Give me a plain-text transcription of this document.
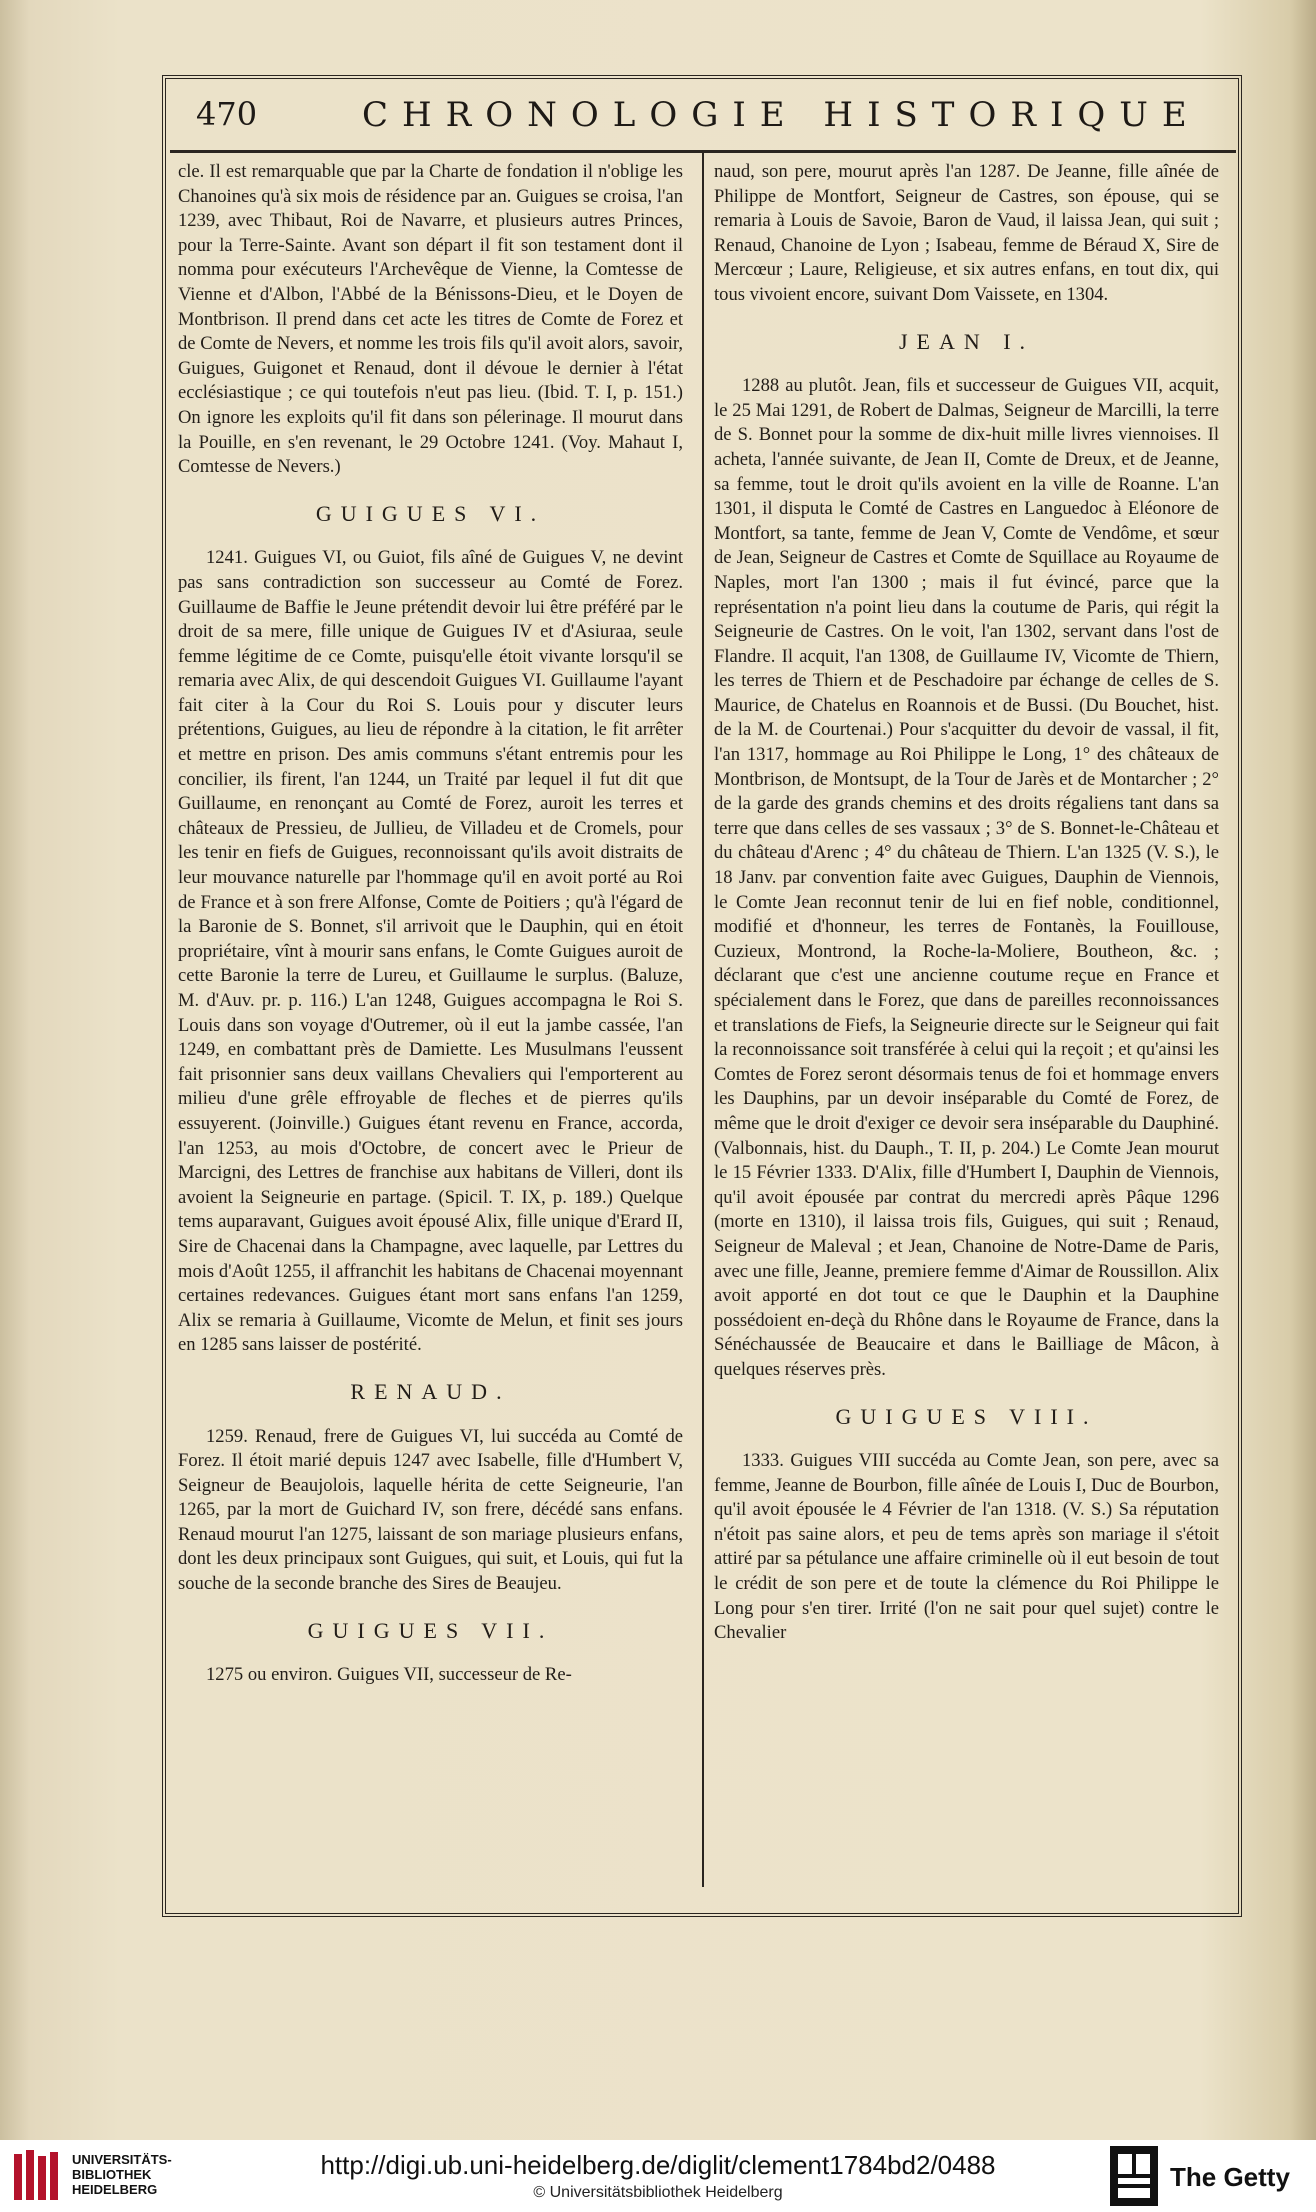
470	CHRONOLOGIE HISTORIQUE

cle. Il est remarquable que par la Charte de fondation il n'oblige les Chanoines qu'à six mois de résidence par an. Guigues se croisa, l'an 1239, avec Thibaut, Roi de Navarre, et plusieurs autres Princes, pour la Terre-Sainte. Avant son départ il fit son testament dont il nomma pour exécuteurs l'Archevêque de Vienne, la Comtesse de Vienne et d'Albon, l'Abbé de la Bénissons-Dieu, et le Doyen de Montbrison. Il prend dans cet acte les titres de Comte de Forez et de Comte de Nevers, et nomme les trois fils qu'il avoit alors, savoir, Guigues, Guigonet et Renaud, dont il dévoue le dernier à l'état ecclésiastique ; ce qui toutefois n'eut pas lieu. (Ibid. T. I, p. 151.) On ignore les exploits qu'il fit dans son pélerinage. Il mourut dans la Pouille, en s'en revenant, le 29 Octobre 1241. (Voy. Mahaut I, Comtesse de Nevers.)

GUIGUES VI.

1241. Guigues VI, ou Guiot, fils aîné de Guigues V, ne devint pas sans contradiction son successeur au Comté de Forez. Guillaume de Baffie le Jeune prétendit devoir lui être préféré par le droit de sa mere, fille unique de Guigues IV et d'Asiuraa, seule femme légitime de ce Comte, puisqu'elle étoit vivante lorsqu'il se remaria avec Alix, de qui descendoit Guigues VI. Guillaume l'ayant fait citer à la Cour du Roi S. Louis pour y discuter leurs prétentions, Guigues, au lieu de répondre à la citation, le fit arrêter et mettre en prison. Des amis communs s'étant entremis pour les concilier, ils firent, l'an 1244, un Traité par lequel il fut dit que Guillaume, en renonçant au Comté de Forez, auroit les terres et châteaux de Pressieu, de Jullieu, de Villadeu et de Cromels, pour les tenir en fiefs de Guigues, reconnoissant qu'ils avoit distraits de leur mouvance naturelle par l'hommage qu'il en avoit porté au Roi de France et à son frere Alfonse, Comte de Poitiers ; qu'à l'égard de la Baronie de S. Bonnet, s'il arrivoit que le Dauphin, qui en étoit propriétaire, vînt à mourir sans enfans, le Comte Guigues auroit de cette Baronie la terre de Lureu, et Guillaume le surplus. (Baluze, M. d'Auv. pr. p. 116.) L'an 1248, Guigues accompagna le Roi S. Louis dans son voyage d'Outremer, où il eut la jambe cassée, l'an 1249, en combattant près de Damiette. Les Musulmans l'eussent fait prisonnier sans deux vaillans Chevaliers qui l'emporterent au milieu d'une grêle effroyable de fleches et de pierres qu'ils essuyerent. (Joinville.) Guigues étant revenu en France, accorda, l'an 1253, au mois d'Octobre, de concert avec le Prieur de Marcigni, des Lettres de franchise aux habitans de Villeri, dont ils avoient la Seigneurie en partage. (Spicil. T. IX, p. 189.) Quelque tems auparavant, Guigues avoit épousé Alix, fille unique d'Erard II, Sire de Chacenai dans la Champagne, avec laquelle, par Lettres du mois d'Août 1255, il affranchit les habitans de Chacenai moyennant certaines redevances. Guigues étant mort sans enfans l'an 1259, Alix se remaria à Guillaume, Vicomte de Melun, et finit ses jours en 1285 sans laisser de postérité.

RENAUD.

1259. Renaud, frere de Guigues VI, lui succéda au Comté de Forez. Il étoit marié depuis 1247 avec Isabelle, fille d'Humbert V, Seigneur de Beaujolois, laquelle hérita de cette Seigneurie, l'an 1265, par la mort de Guichard IV, son frere, décédé sans enfans. Renaud mourut l'an 1275, laissant de son mariage plusieurs enfans, dont les deux principaux sont Guigues, qui suit, et Louis, qui fut la souche de la seconde branche des Sires de Beaujeu.

GUIGUES VII.

1275 ou environ. Guigues VII, successeur de Re-

naud, son pere, mourut après l'an 1287. De Jeanne, fille aînée de Philippe de Montfort, Seigneur de Castres, son épouse, qui se remaria à Louis de Savoie, Baron de Vaud, il laissa Jean, qui suit ; Renaud, Chanoine de Lyon ; Isabeau, femme de Béraud X, Sire de Mercœur ; Laure, Religieuse, et six autres enfans, en tout dix, qui tous vivoient encore, suivant Dom Vaissete, en 1304.

JEAN I.

1288 au plutôt. Jean, fils et successeur de Guigues VII, acquit, le 25 Mai 1291, de Robert de Dalmas, Seigneur de Marcilli, la terre de S. Bonnet pour la somme de dix-huit mille livres viennoises. Il acheta, l'année suivante, de Jean II, Comte de Dreux, et de Jeanne, sa femme, tout le droit qu'ils avoient en la ville de Roanne. L'an 1301, il disputa le Comté de Castres en Languedoc à Eléonore de Montfort, sa tante, femme de Jean V, Comte de Vendôme, et sœur de Jean, Seigneur de Castres et Comte de Squillace au Royaume de Naples, mort l'an 1300 ; mais il fut évincé, parce que la représentation n'a point lieu dans la coutume de Paris, qui régit la Seigneurie de Castres. On le voit, l'an 1302, servant dans l'ost de Flandre. Il acquit, l'an 1308, de Guillaume IV, Vicomte de Thiern, les terres de Thiern et de Peschadoire par échange de celles de S. Maurice, de Chatelus en Roannois et de Bussi. (Du Bouchet, hist. de la M. de Courtenai.) Pour s'acquitter du devoir de vassal, il fit, l'an 1317, hommage au Roi Philippe le Long, 1° des châteaux de Montbrison, de Montsupt, de la Tour de Jarès et de Montarcher ; 2° de la garde des grands chemins et des droits régaliens tant dans sa terre que dans celles de ses vassaux ; 3° de S. Bonnet-le-Château et du château d'Arenc ; 4° du château de Thiern. L'an 1325 (V. S.), le 18 Janv. par convention faite avec Guigues, Dauphin de Viennois, le Comte Jean reconnut tenir de lui en fief noble, conditionnel, modifié et d'honneur, les terres de Fontanès, la Fouillouse, Cuzieux, Montrond, la Roche-la-Moliere, Boutheon, &c. ; déclarant que c'est une ancienne coutume reçue en France et spécialement dans le Forez, que dans de pareilles reconnoissances et translations de Fiefs, la Seigneurie directe sur le Seigneur qui fait la reconnoissance soit transférée à celui qui la reçoit ; et qu'ainsi les Comtes de Forez seront désormais tenus de foi et hommage envers les Dauphins, par un devoir inséparable du Comté de Forez, de même que le droit d'exiger ce devoir sera inséparable du Dauphiné. (Valbonnais, hist. du Dauph., T. II, p. 204.) Le Comte Jean mourut le 15 Février 1333. D'Alix, fille d'Humbert I, Dauphin de Viennois, qu'il avoit épousée par contrat du mercredi après Pâque 1296 (morte en 1310), il laissa trois fils, Guigues, qui suit ; Renaud, Seigneur de Maleval ; et Jean, Chanoine de Notre-Dame de Paris, avec une fille, Jeanne, premiere femme d'Aimar de Roussillon. Alix avoit apporté en dot tout ce que le Dauphin et la Dauphine possédoient en-deçà du Rhône dans le Royaume de France, dans la Sénéchaussée de Beaucaire et dans le Bailliage de Mâcon, à quelques réserves près.

GUIGUES VIII.

1333. Guigues VIII succéda au Comte Jean, son pere, avec sa femme, Jeanne de Bourbon, fille aînée de Louis I, Duc de Bourbon, qu'il avoit épousée le 4 Février de l'an 1318. (V. S.) Sa réputation n'étoit pas saine alors, et peu de tems après son mariage il s'étoit attiré par sa pétulance une affaire criminelle où il eut besoin de tout le crédit de son pere et de toute la clémence du Roi Philippe le Long pour s'en tirer. Irrité (l'on ne sait pour quel sujet) contre le Chevalier

UNIVERSITÄTS- BIBLIOTHEK HEIDELBERG
http://digi.ub.uni-heidelberg.de/diglit/clement1784bd2/0488
© Universitätsbibliothek Heidelberg
The Getty
